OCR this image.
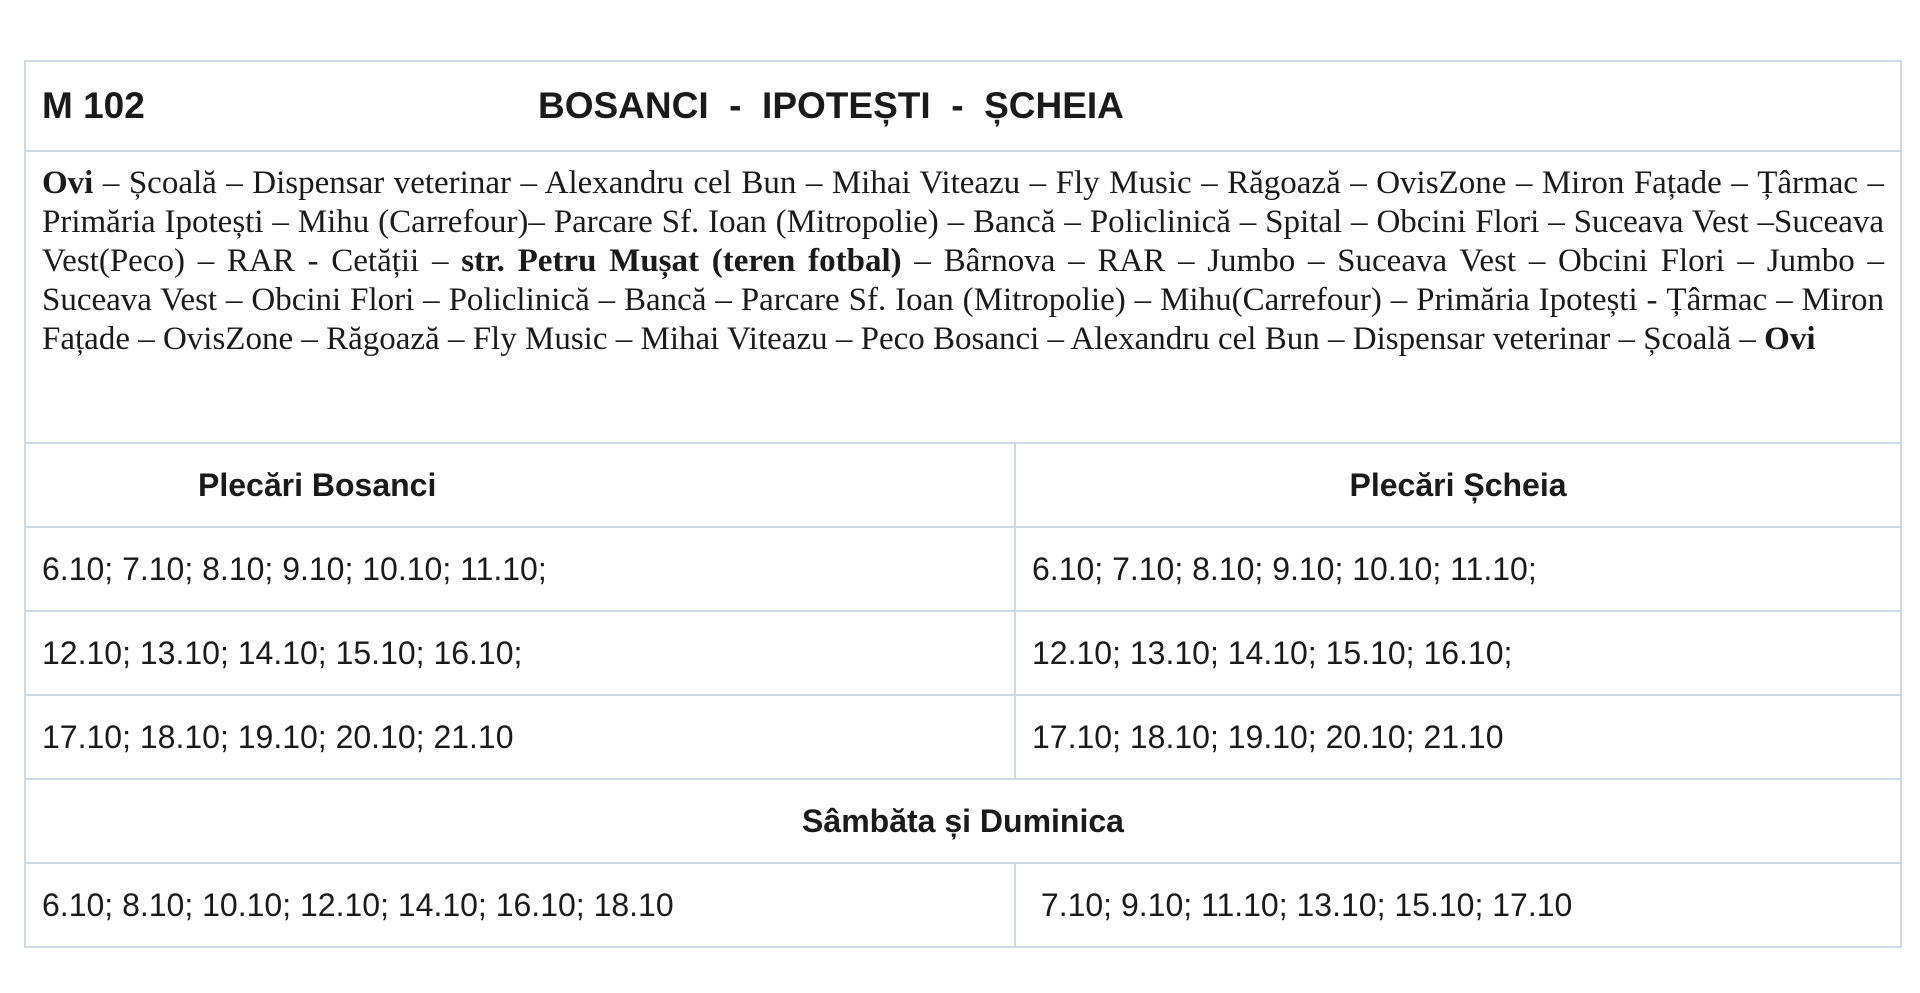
M 102 BOSANCI  -  IPOTEȘTI  -  ȘCHEIA	

Ovi – Școală – Dispensar veterinar – Alexandru cel Bun – Mihai Viteazu – Fly Music – Răgoază – OvisZone – Miron Fațade – Țârmac – Primăria Ipotești – Mihu (Carrefour)– Parcare Sf. Ioan (Mitropolie) – Bancă – Policlinică – Spital – Obcini Flori – Suceava Vest –Suceava Vest(Peco) – RAR - Cetății – str. Petru Mușat (teren fotbal) – Bârnova – RAR – Jumbo – Suceava Vest – Obcini Flori – Jumbo – Suceava Vest – Obcini Flori – Policlinică – Bancă – Parcare Sf. Ioan (Mitropolie) – Mihu(Carrefour) – Primăria Ipotești - Țârmac – Miron Fațade – OvisZone – Răgoază – Fly Music – Mihai Viteazu – Peco Bosanci – Alexandru cel Bun – Dispensar veterinar – Școală – Ovi	
Plecări Bosanci	Plecări Șcheia
6.10; 7.10; 8.10; 9.10; 10.10; 11.10;	6.10; 7.10; 8.10; 9.10; 10.10; 11.10;
12.10; 13.10; 14.10; 15.10; 16.10;	12.10; 13.10; 14.10; 15.10; 16.10;
17.10; 18.10; 19.10; 20.10; 21.10	17.10; 18.10; 19.10; 20.10; 21.10
Sâmbăta și Duminica	
6.10; 8.10; 10.10; 12.10; 14.10; 16.10; 18.10	7.10; 9.10; 11.10; 13.10; 15.10; 17.10
